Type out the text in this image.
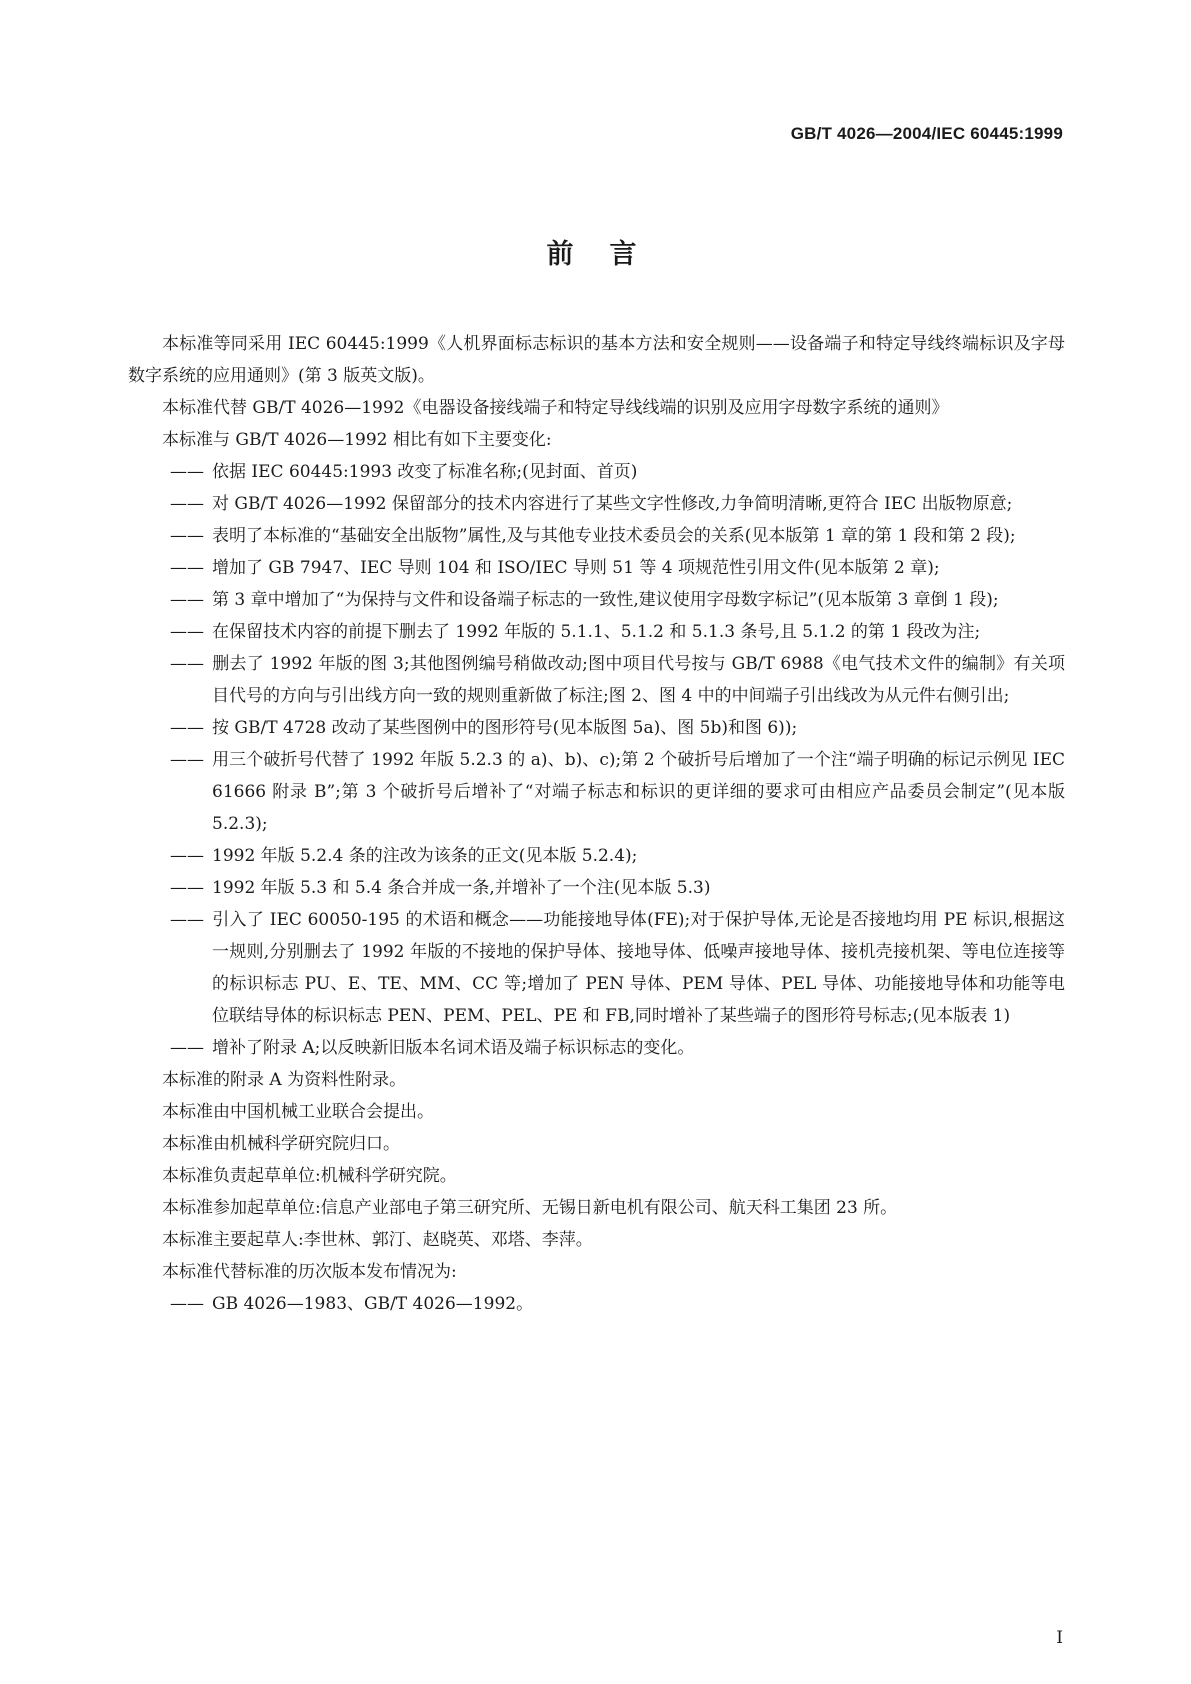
GB/T 4026—2004/IEC 60445:1999
前言

本标准等同采用 IEC 60445:1999《人机界面标志标识的基本方法和安全规则——设备端子和特定导线终端标识及字母数字系统的应用通则》(第 3 版英文版)。

本标准代替 GB/T 4026—1992《电器设备接线端子和特定导线线端的识别及应用字母数字系统的通则》

本标准与 GB/T 4026—1992 相比有如下主要变化:

—— 依据 IEC 60445:1993 改变了标准名称;(见封面、首页)

—— 对 GB/T 4026—1992 保留部分的技术内容进行了某些文字性修改,力争简明清晰,更符合 IEC 出版物原意;

—— 表明了本标准的“基础安全出版物”属性,及与其他专业技术委员会的关系(见本版第 1 章的第 1 段和第 2 段);

—— 增加了 GB 7947、IEC 导则 104 和 ISO/IEC 导则 51 等 4 项规范性引用文件(见本版第 2 章);

—— 第 3 章中增加了“为保持与文件和设备端子标志的一致性,建议使用字母数字标记”(见本版第 3 章倒 1 段);

—— 在保留技术内容的前提下删去了 1992 年版的 5.1.1、5.1.2 和 5.1.3 条号,且 5.1.2 的第 1 段改为注;

—— 删去了 1992 年版的图 3;其他图例编号稍做改动;图中项目代号按与 GB/T 6988《电气技术文件的编制》有关项目代号的方向与引出线方向一致的规则重新做了标注;图 2、图 4 中的中间端子引出线改为从元件右侧引出;

—— 按 GB/T 4728 改动了某些图例中的图形符号(见本版图 5a)、图 5b)和图 6));

—— 用三个破折号代替了 1992 年版 5.2.3 的 a)、b)、c);第 2 个破折号后增加了一个注“端子明确的标记示例见 IEC 61666 附录 B”;第 3 个破折号后增补了“对端子标志和标识的更详细的要求可由相应产品委员会制定”(见本版 5.2.3);

—— 1992 年版 5.2.4 条的注改为该条的正文(见本版 5.2.4);

—— 1992 年版 5.3 和 5.4 条合并成一条,并增补了一个注(见本版 5.3)

—— 引入了 IEC 60050-195 的术语和概念——功能接地导体(FE);对于保护导体,无论是否接地均用 PE 标识,根据这一规则,分别删去了 1992 年版的不接地的保护导体、接地导体、低噪声接地导体、接机壳接机架、等电位连接等的标识标志 PU、E、TE、MM、CC 等;增加了 PEN 导体、PEM 导体、PEL 导体、功能接地导体和功能等电位联结导体的标识标志 PEN、PEM、PEL、PE 和 FB,同时增补了某些端子的图形符号标志;(见本版表 1)

—— 增补了附录 A;以反映新旧版本名词术语及端子标识标志的变化。

本标准的附录 A 为资料性附录。

本标准由中国机械工业联合会提出。

本标准由机械科学研究院归口。

本标准负责起草单位:机械科学研究院。

本标准参加起草单位:信息产业部电子第三研究所、无锡日新电机有限公司、航天科工集团 23 所。

本标准主要起草人:李世林、郭汀、赵晓英、邓塔、李萍。

本标准代替标准的历次版本发布情况为:

—— GB 4026—1983、GB/T 4026—1992。

I
